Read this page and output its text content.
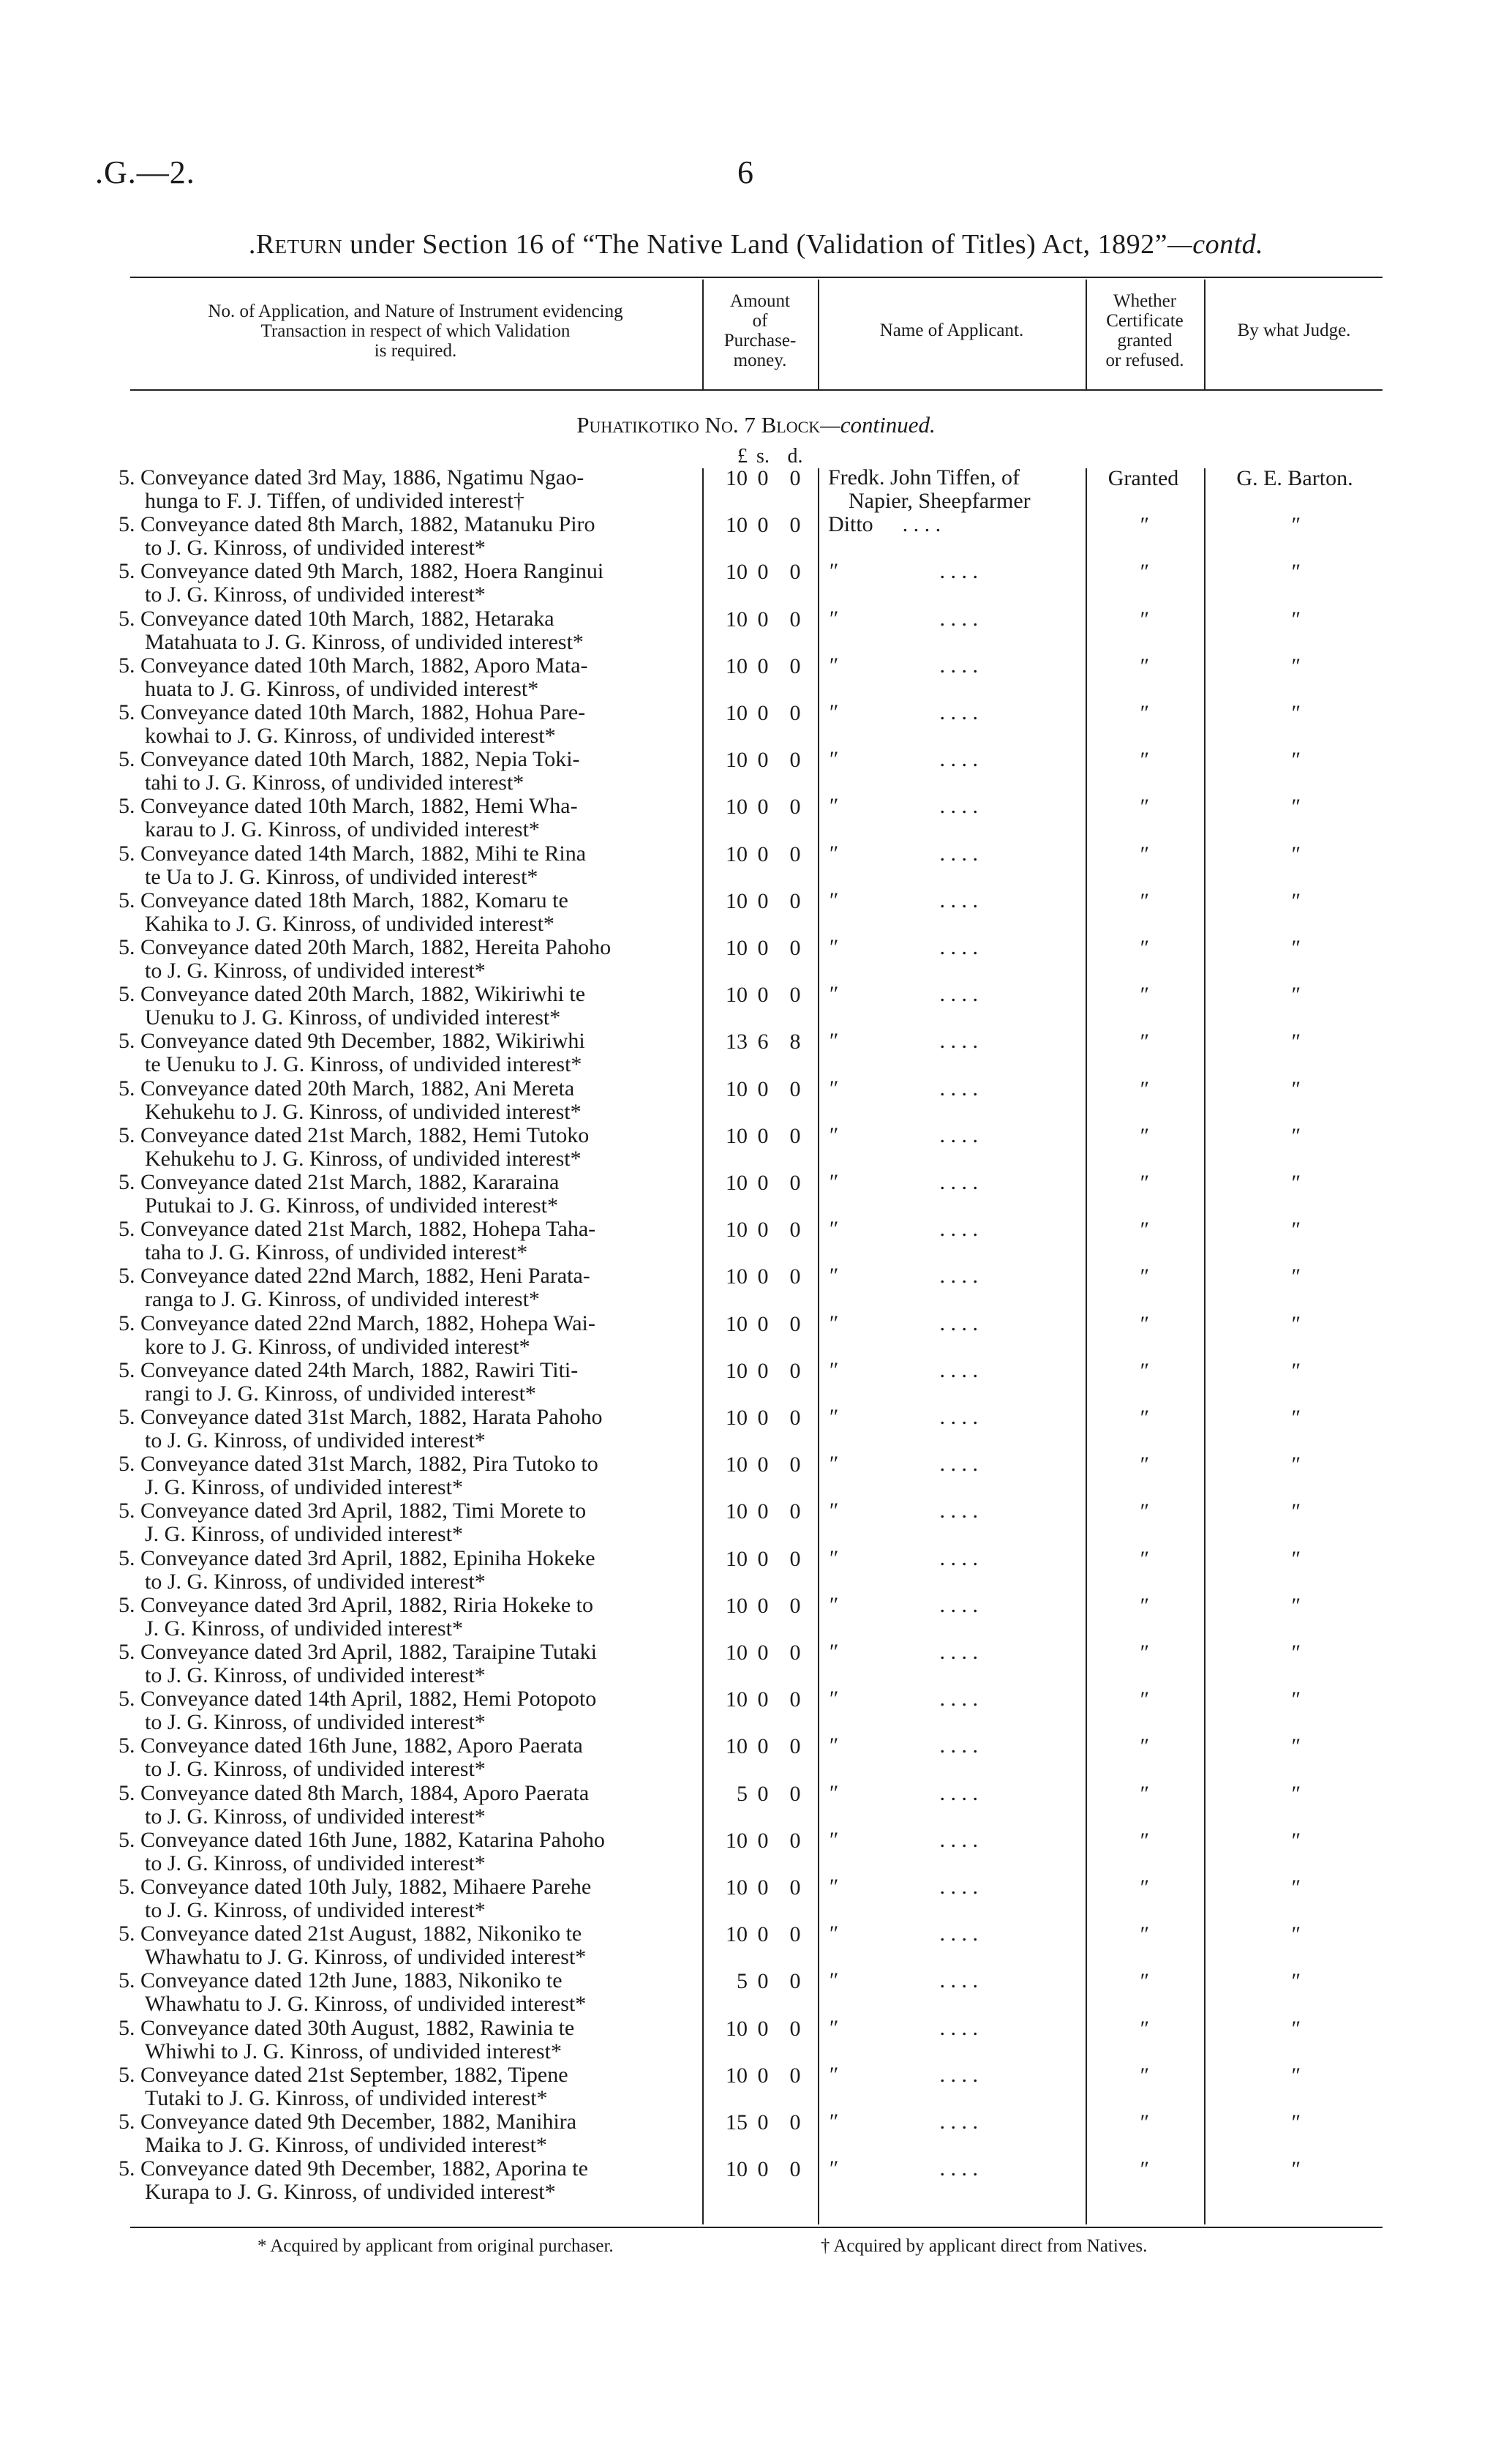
.G.—2.	6
.Return under Section 16 of “The Native Land (Validation of Titles) Act, 1892”—contd.
No. of Application, and Nature of Instrument evidencing
Transaction in respect of which Validation
is required.
Amount
of
Purchase-
money.
Name of Applicant.
Whether
Certificate
granted
or refused.
By what Judge.
Puhatikotiko No. 7 Block—continued.
£ s. d.
5. Conveyance dated 3rd May, 1886, Ngatimu Ngao-
hunga to F. J. Tiffen, of undivided interest†
10 0 0	Fredk. John Tiffen, of
Napier, Sheepfarmer
Granted	G. E. Barton.
5. Conveyance dated 8th March, 1882, Matanuku Piro
to J. G. Kinross, of undivided interest*
10 0 0	Ditto . . . .	″	″
5. Conveyance dated 9th March, 1882, Hoera Ranginui
to J. G. Kinross, of undivided interest*
10 0 0	″	. . . .	″	″
5. Conveyance dated 10th March, 1882, Hetaraka
Matahuata to J. G. Kinross, of undivided interest*
10 0 0	″	. . . .	″	″
5. Conveyance dated 10th March, 1882, Aporo Mata-
huata to J. G. Kinross, of undivided interest*
10 0 0	″	. . . .	″	″
5. Conveyance dated 10th March, 1882, Hohua Pare-
kowhai to J. G. Kinross, of undivided interest*
10 0 0	″	. . . .	″	″
5. Conveyance dated 10th March, 1882, Nepia Toki-
tahi to J. G. Kinross, of undivided interest*
10 0 0	″	. . . .	″	″
5. Conveyance dated 10th March, 1882, Hemi Wha-
karau to J. G. Kinross, of undivided interest*
10 0 0	″	. . . .	″	″
5. Conveyance dated 14th March, 1882, Mihi te Rina
te Ua to J. G. Kinross, of undivided interest*
10 0 0	″	. . . .	″	″
5. Conveyance dated 18th March, 1882, Komaru te
Kahika to J. G. Kinross, of undivided interest*
10 0 0	″	. . . .	″	″
5. Conveyance dated 20th March, 1882, Hereita Pahoho
to J. G. Kinross, of undivided interest*
10 0 0	″	. . . .	″	″
5. Conveyance dated 20th March, 1882, Wikiriwhi te
Uenuku to J. G. Kinross, of undivided interest*
10 0 0	″	. . . .	″	″
5. Conveyance dated 9th December, 1882, Wikiriwhi
te Uenuku to J. G. Kinross, of undivided interest*
13 6 8	″	. . . .	″	″
5. Conveyance dated 20th March, 1882, Ani Mereta
Kehukehu to J. G. Kinross, of undivided interest*
10 0 0	″	. . . .	″	″
5. Conveyance dated 21st March, 1882, Hemi Tutoko
Kehukehu to J. G. Kinross, of undivided interest*
10 0 0	″	. . . .	″	″
5. Conveyance dated 21st March, 1882, Kararaina
Putukai to J. G. Kinross, of undivided interest*
10 0 0	″	. . . .	″	″
5. Conveyance dated 21st March, 1882, Hohepa Taha-
taha to J. G. Kinross, of undivided interest*
10 0 0	″	. . . .	″	″
5. Conveyance dated 22nd March, 1882, Heni Parata-
ranga to J. G. Kinross, of undivided interest*
10 0 0	″	. . . .	″	″
5. Conveyance dated 22nd March, 1882, Hohepa Wai-
kore to J. G. Kinross, of undivided interest*
10 0 0	″	. . . .	″	″
5. Conveyance dated 24th March, 1882, Rawiri Titi-
rangi to J. G. Kinross, of undivided interest*
10 0 0	″	. . . .	″	″
5. Conveyance dated 31st March, 1882, Harata Pahoho
to J. G. Kinross, of undivided interest*
10 0 0	″	. . . .	″	″
5. Conveyance dated 31st March, 1882, Pira Tutoko to
J. G. Kinross, of undivided interest*
10 0 0	″	. . . .	″	″
5. Conveyance dated 3rd April, 1882, Timi Morete to
J. G. Kinross, of undivided interest*
10 0 0	″	. . . .	″	″
5. Conveyance dated 3rd April, 1882, Epiniha Hokeke
to J. G. Kinross, of undivided interest*
10 0 0	″	. . . .	″	″
5. Conveyance dated 3rd April, 1882, Riria Hokeke to
J. G. Kinross, of undivided interest*
10 0 0	″	. . . .	″	″
5. Conveyance dated 3rd April, 1882, Taraipine Tutaki
to J. G. Kinross, of undivided interest*
10 0 0	″	. . . .	″	″
5. Conveyance dated 14th April, 1882, Hemi Potopoto
to J. G. Kinross, of undivided interest*
10 0 0	″	. . . .	″	″
5. Conveyance dated 16th June, 1882, Aporo Paerata
to J. G. Kinross, of undivided interest*
10 0 0	″	. . . .	″	″
5. Conveyance dated 8th March, 1884, Aporo Paerata
to J. G. Kinross, of undivided interest*
5 0 0	″	. . . .	″	″
5. Conveyance dated 16th June, 1882, Katarina Pahoho
to J. G. Kinross, of undivided interest*
10 0 0	″	. . . .	″	″
5. Conveyance dated 10th July, 1882, Mihaere Parehe
to J. G. Kinross, of undivided interest*
10 0 0	″	. . . .	″	″
5. Conveyance dated 21st August, 1882, Nikoniko te
Whawhatu to J. G. Kinross, of undivided interest*
10 0 0	″	. . . .	″	″
5. Conveyance dated 12th June, 1883, Nikoniko te
Whawhatu to J. G. Kinross, of undivided interest*
5 0 0	″	. . . .	″	″
5. Conveyance dated 30th August, 1882, Rawinia te
Whiwhi to J. G. Kinross, of undivided interest*
10 0 0	″	. . . .	″	″
5. Conveyance dated 21st September, 1882, Tipene
Tutaki to J. G. Kinross, of undivided interest*
10 0 0	″	. . . .	″	″
5. Conveyance dated 9th December, 1882, Manihira
Maika to J. G. Kinross, of undivided interest*
15 0 0	″	. . . .	″	″
5. Conveyance dated 9th December, 1882, Aporina te
Kurapa to J. G. Kinross, of undivided interest*
10 0 0	″	. . . .	″	″
* Acquired by applicant from original purchaser.	† Acquired by applicant direct from Natives.
